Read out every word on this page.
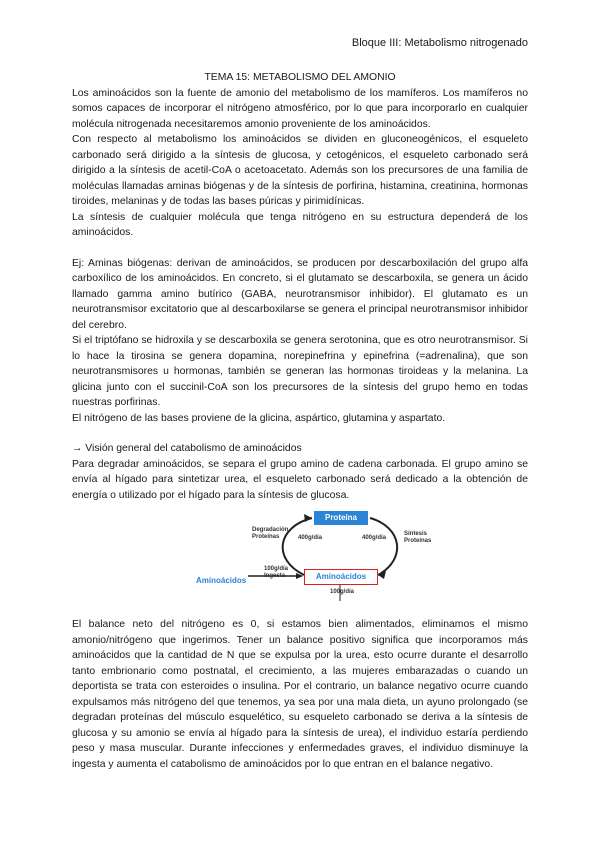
Bloque III: Metabolismo nitrogenado
TEMA 15: METABOLISMO DEL AMONIO

Los aminoácidos son la fuente de amonio del metabolismo de los mamíferos. Los mamíferos no somos capaces de incorporar el nitrógeno atmosférico, por lo que para incorporarlo en cualquier molécula nitrogenada necesitaremos amonio proveniente de los aminoácidos.

Con respecto al metabolismo los aminoácidos se dividen en gluconeogénicos, el esqueleto carbonado será dirigido a la síntesis de glucosa, y cetogénicos, el esqueleto carbonado será dirigido a la síntesis de acetil-CoA o acetoacetato. Además son los precursores de una familia de moléculas llamadas aminas biógenas y de la síntesis de porfirina, histamina, creatinina, hormonas tiroides, melaninas y de todas las bases púricas y pirimidínicas.

La síntesis de cualquier molécula que tenga nitrógeno en su estructura dependerá de los aminoácidos.

Ej: Aminas biógenas: derivan de aminoácidos, se producen por descarboxilación del grupo alfa carboxílico de los aminoácidos. En concreto, si el glutamato se descarboxila, se genera un ácido llamado gamma amino butírico (GABA, neurotransmisor inhibidor). El glutamato es un neurotransmisor excitatorio que al descarboxilarse se genera el principal neurotransmisor inhibidor del cerebro.

Si el triptófano se hidroxila y se descarboxila se genera serotonina, que es otro neurotransmisor. Si lo hace la tirosina se genera dopamina, norepinefrina y epinefrina (=adrenalina), que son neurotransmisores u hormonas, también se generan las hormonas tiroideas y la melanina. La glicina junto con el succinil-CoA son los precursores de la síntesis del grupo hemo en todas nuestras porfirinas.

El nitrógeno de las bases proviene de la glicina, aspártico, glutamina y aspartato.

→ Visión general del catabolismo de aminoácidos

Para degradar aminoácidos, se separa el grupo amino de cadena carbonada. El grupo amino se envía al hígado para sintetizar urea, el esqueleto carbonado será dedicado a la obtención de energía o utilizado por el hígado para la síntesis de glucosa.

Proteína
Aminoácidos
Aminoácidos
Degradación
Proteínas	400g/día	400g/día
Síntesis
Proteínas
100g/día
Ingesta
100g/día

El balance neto del nitrógeno es 0, si estamos bien alimentados, eliminamos el mismo amonio/nitrógeno que ingerimos. Tener un balance positivo significa que incorporamos más aminoácidos que la cantidad de N que se expulsa por la urea, esto ocurre durante el desarrollo tanto embrionario como postnatal, el crecimiento, a las mujeres embarazadas o cuando un deportista se trata con esteroides o insulina. Por el contrario, un balance negativo ocurre cuando expulsamos más nitrógeno del que tenemos, ya sea por una mala dieta, un ayuno prolongado (se degradan proteínas del músculo esquelético, su esqueleto carbonado se deriva a la síntesis de glucosa y su amonio se envía al hígado para la síntesis de urea), el individuo estaría perdiendo peso y masa muscular. Durante infecciones y enfermedades graves, el individuo disminuye la ingesta y aumenta el catabolismo de aminoácidos por lo que entran en el balance negativo.
